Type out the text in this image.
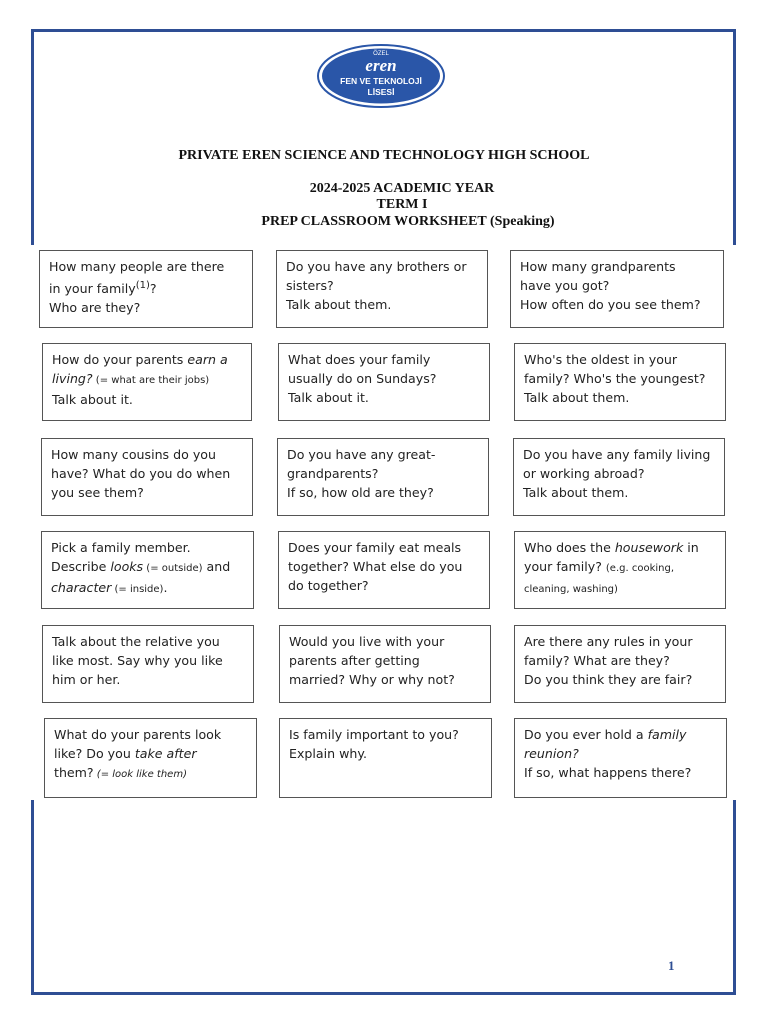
ÖZEL
eren
FEN VE TEKNOLOJİ
LİSESİ
PRIVATE EREN SCIENCE AND TECHNOLOGY HIGH SCHOOL
2024-2025 ACADEMIC YEAR
TERM I
PREP CLASSROOM WORKSHEET (Speaking)
How many people are there
in your family$^{(1)}$?
Who are they?
Do you have any brothers or
sisters?
Talk about them.
How many grandparents
have you got?
How often do you see them?
How do your parents earn a
living? (= what are their jobs)
Talk about it.
What does your family
usually do on Sundays?
Talk about it.
Who's the oldest in your
family? Who's the youngest?
Talk about them.
How many cousins do you
have? What do you do when
you see them?
Do you have any great-
grandparents?
If so, how old are they?
Do you have any family living
or working abroad?
Talk about them.
Pick a family member.
Describe looks (= outside) and
character (= inside).
Does your family eat meals
together? What else do you
do together?
Who does the housework in
your family? (e.g. cooking,
cleaning, washing)
Talk about the relative you
like most. Say why you like
him or her.
Would you live with your
parents after getting
married? Why or why not?
Are there any rules in your
family? What are they?
Do you think they are fair?
What do your parents look
like? Do you take after
them? (= look like them)
Is family important to you?
Explain why.
Do you ever hold a family
reunion?
If so, what happens there?
1
